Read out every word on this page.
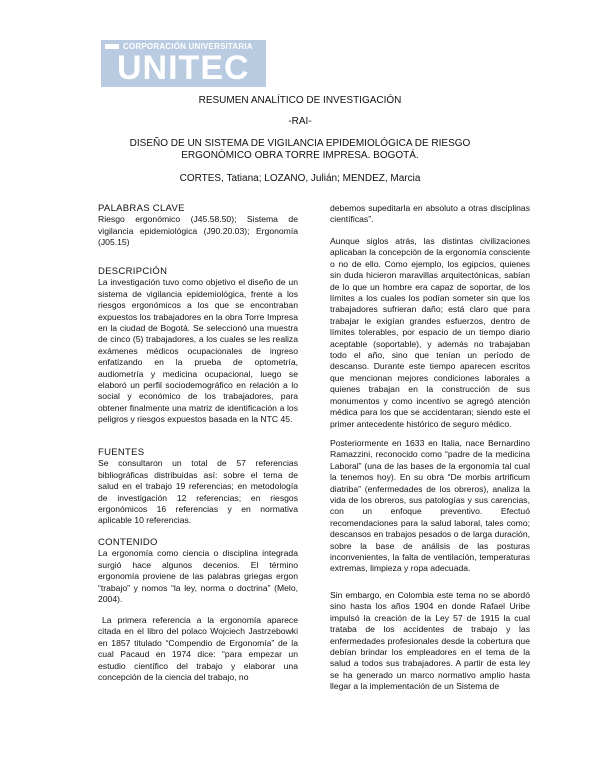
CORPORACIÓN UNIVERSITARIA
UNITEC
RESUMEN ANALÍTICO DE INVESTIGACIÓN
-RAI-
DISEÑO DE UN SISTEMA DE VIGILANCIA EPIDEMIOLÓGICA DE RIESGO
ERGONÓMICO OBRA TORRE IMPRESA. BOGOTÁ.
CORTES, Tatiana; LOZANO, Julián; MENDEZ, Marcia

PALABRAS CLAVE

Riesgo ergonómico (J45.58.50); Sistema de vigilancia epidemiológica (J90.20.03); Ergonomía (J05.15)

DESCRIPCIÓN

La investigación tuvo como objetivo el diseño de un sistema de vigilancia epidemiológica, frente a los riesgos ergonómicos a los que se encontraban expuestos los trabajadores en la obra Torre Impresa en la ciudad de Bogotá. Se seleccionó una muestra de cinco (5) trabajadores, a los cuales se les realiza exámenes médicos ocupacionales de ingreso enfatizando en la prueba de optometría, audiometría y medicina ocupacional, luego se elaboró un perfil sociodemográfico en relación a lo social y económico de los trabajadores, para obtener finalmente una matriz de identificación a los peligros y riesgos expuestos basada en la NTC 45.

FUENTES

Se consultaron un total de 57 referencias bibliográficas distribuidas así: sobre el tema de salud en el trabajo 19 referencias; en metodología de investigación 12 referencias; en riesgos ergonómicos 16 referencias y en normativa aplicable 10 referencias.

CONTENIDO

La ergonomía como ciencia o disciplina integrada surgió hace algunos decenios. El término ergonomía proviene de las palabras griegas ergon “trabajo” y nomos “la ley, norma o doctrina” (Melo, 2004).

La primera referencia a la ergonomía aparece citada en el libro del polaco Wojciech Jastrzebowki en 1857 titulado “Compendio de Ergonomía” de la cual Pacaud en 1974 dice: “para empezar un estudio científico del trabajo y elaborar una concepción de la ciencia del trabajo, no
debemos supeditarla en absoluto a otras disciplinas científicas”.
Aunque siglos atrás, las distintas civilizaciones aplicaban la concepción de la ergonomía consciente o no de ello. Como ejemplo, los egipcios, quienes sin duda hicieron maravillas arquitectónicas, sabían de lo que un hombre era capaz de soportar, de los límites a los cuales los podían someter sin que los trabajadores sufrieran daño; está claro que para trabajar le exigían grandes esfuerzos, dentro de límites tolerables, por espacio de un tiempo diario aceptable (soportable), y además no trabajaban todo el año, sino que tenían un período de descanso. Durante este tiempo aparecen escritos que mencionan mejores condiciones laborales a quienes trabajan en la construcción de sus monumentos y como incentivo se agregó atención médica para los que se accidentaran; siendo este el primer antecedente histórico de seguro médico.
Posteriormente en 1633 en Italia, nace Bernardino Ramazzini, reconocido como “padre de la medicina Laboral” (una de las bases de la ergonomía tal cual la tenemos hoy). En su obra “De morbis artrificum diatriba” (enfermedades de los obreros), analiza la vida de los obreros, sus patologías y sus carencias, con un enfoque preventivo. Efectuó recomendaciones para la salud laboral, tales como; descansos en trabajos pesados o de larga duración, sobre la base de análisis de las posturas inconvenientes, la falta de ventilación, temperaturas extremas, limpieza y ropa adecuada.
Sin embargo, en Colombia este tema no se abordó sino hasta los años 1904 en donde Rafael Uribe impulsó la creación de la Ley 57 de 1915 la cual trataba de los accidentes de trabajo y las enfermedades profesionales desde la cobertura que debían brindar los empleadores en el tema de la salud a todos sus trabajadores. A partir de esta ley se ha generado un marco normativo amplio hasta llegar a la implementación de un Sistema de
